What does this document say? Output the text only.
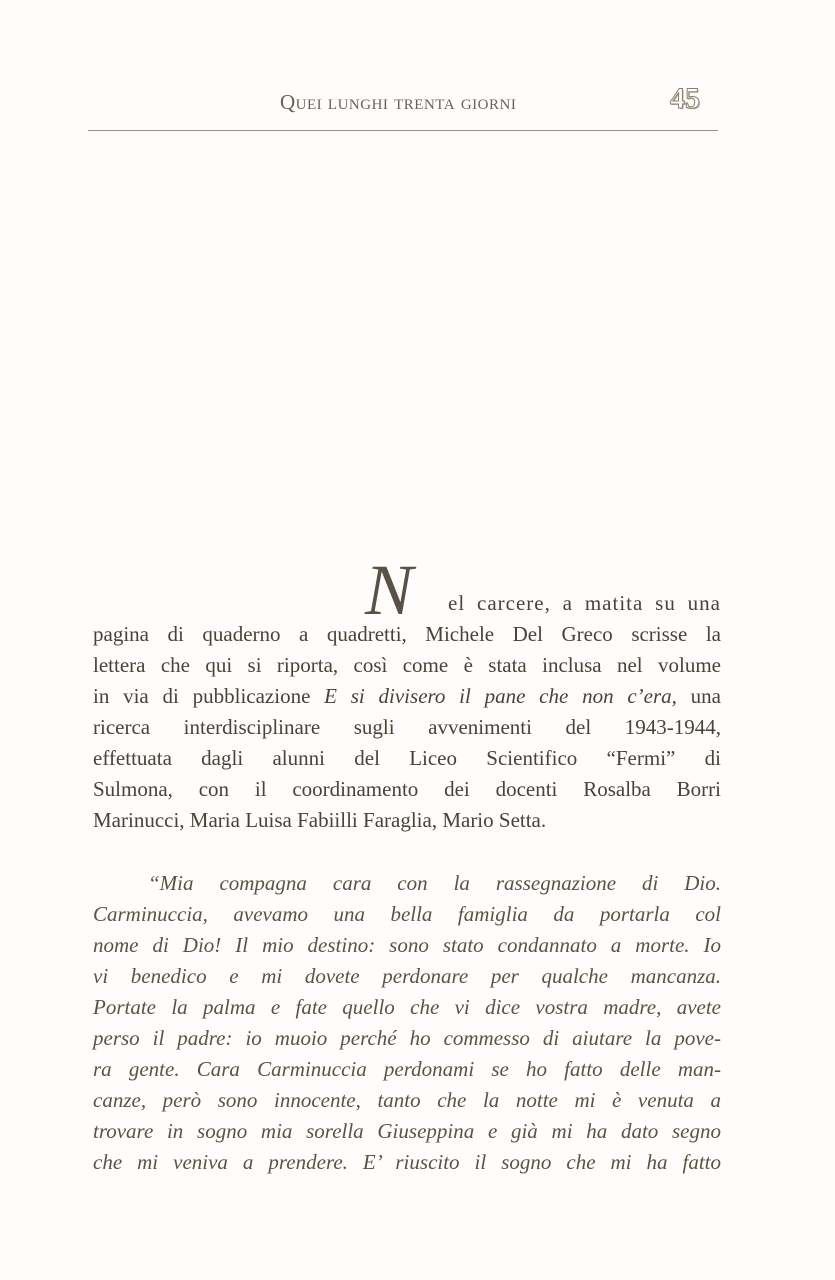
Quei lunghi trenta giorni	45
N	el carcere, a matita su una
pagina di quaderno a quadretti, Michele Del Greco scrisse la
lettera che qui si riporta, così come è stata inclusa nel volume
in via di pubblicazione E si divisero il pane che non c’era, una
ricerca interdisciplinare sugli avvenimenti del 1943-1944,
effettuata dagli alunni del Liceo Scientifico “Fermi” di
Sulmona, con il coordinamento dei docenti Rosalba Borri
Marinucci, Maria Luisa Fabiilli Faraglia, Mario Setta.
“Mia compagna cara con la rassegnazione di Dio.
Carminuccia, avevamo una bella famiglia da portarla col
nome di Dio! Il mio destino: sono stato condannato a morte. Io
vi benedico e mi dovete perdonare per qualche mancanza.
Portate la palma e fate quello che vi dice vostra madre, avete
perso il padre: io muoio perché ho commesso di aiutare la pove-
ra gente. Cara Carminuccia perdonami se ho fatto delle man-
canze, però sono innocente, tanto che la notte mi è venuta a
trovare in sogno mia sorella Giuseppina e già mi ha dato segno
che mi veniva a prendere. E’ riuscito il sogno che mi ha fatto
